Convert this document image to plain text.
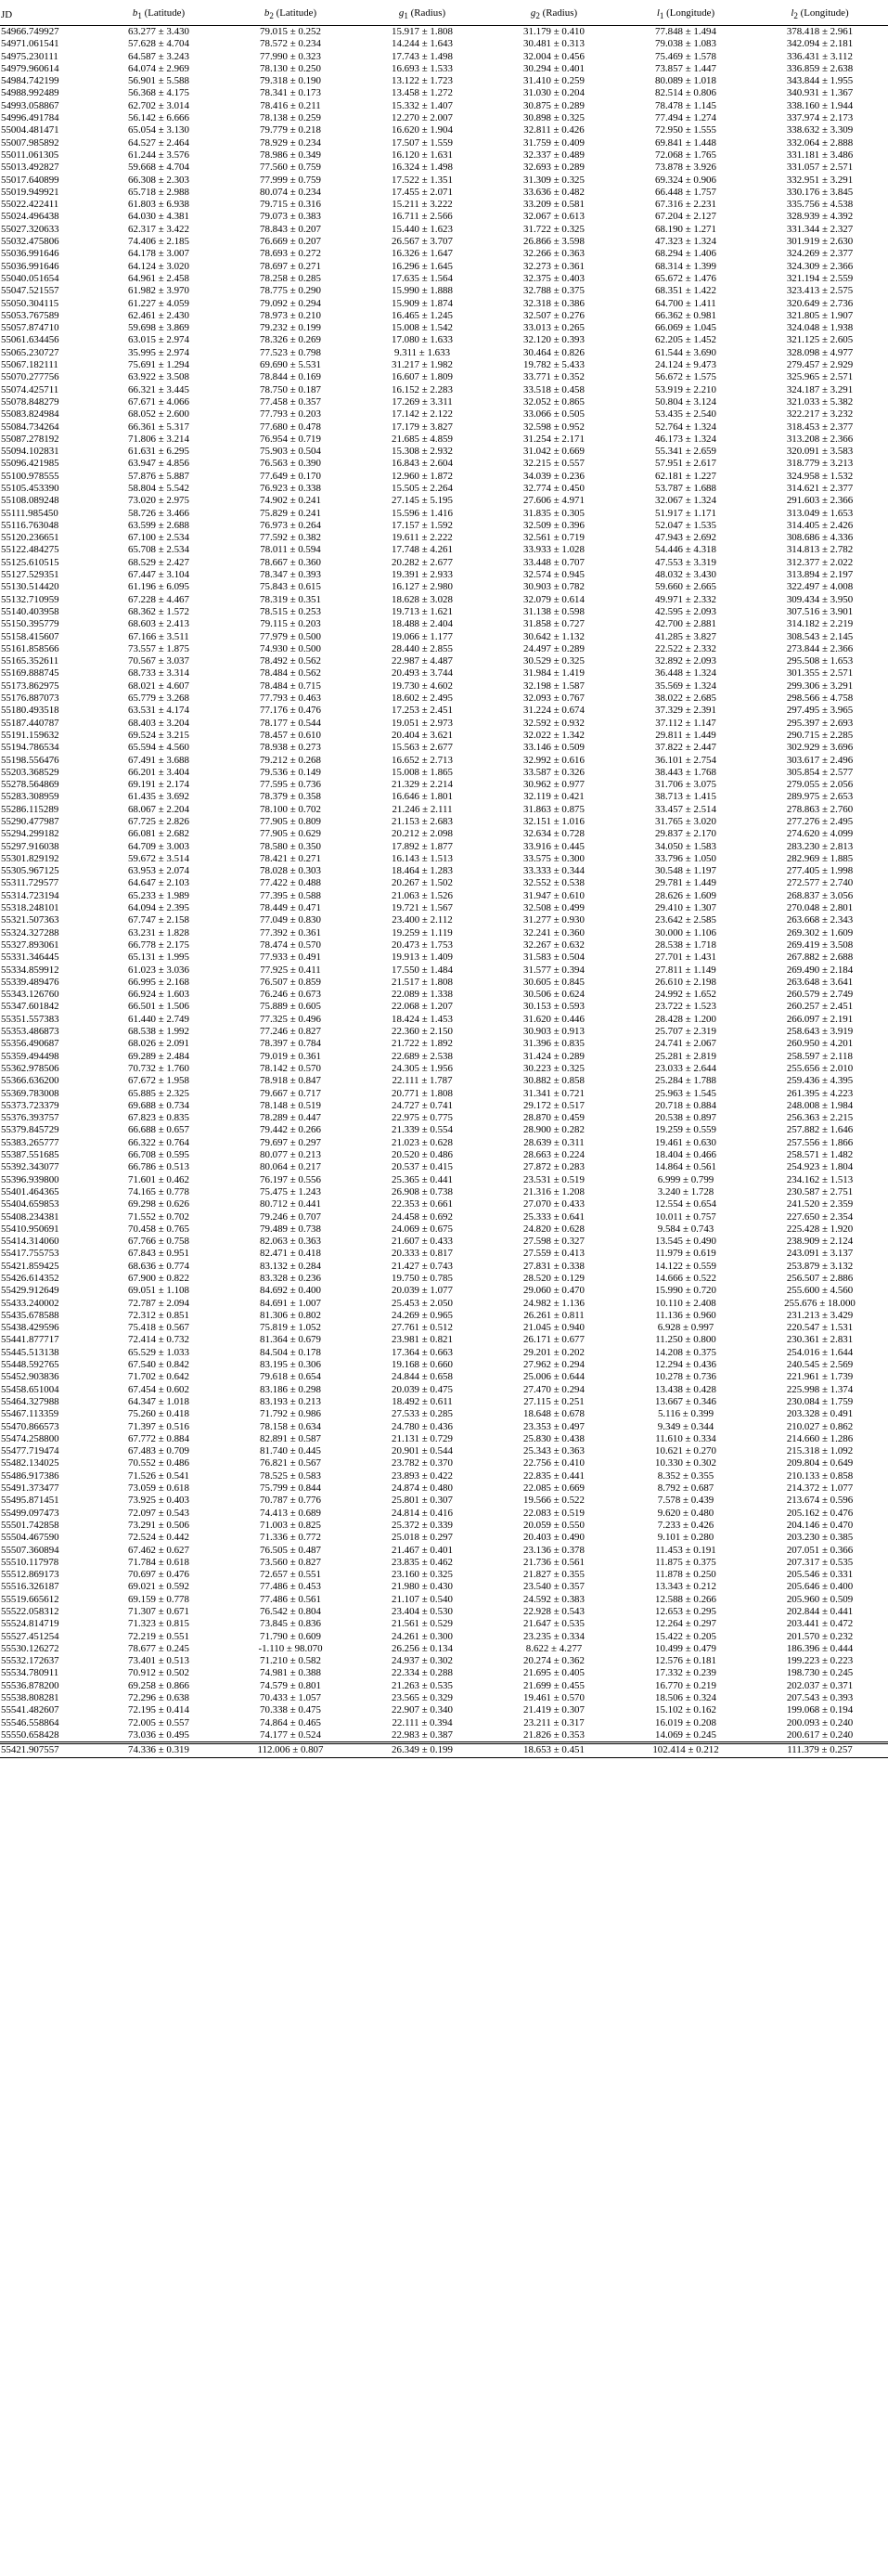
JD	$b_1$ (Latitude)	$b_2$ (Latitude)	$g_1$ (Radius)	$g_2$ (Radius)	$l_1$ (Longitude)	$l_2$ (Longitude)
54966.749927	63.277 ± 3.430	79.015 ± 0.252	15.917 ± 1.808	31.179 ± 0.410	77.848 ± 1.494	378.418 ± 2.961
54971.061541	57.628 ± 4.704	78.572 ± 0.234	14.244 ± 1.643	30.481 ± 0.313	79.038 ± 1.083	342.094 ± 2.181
54975.230111	64.587 ± 3.243	77.990 ± 0.323	17.743 ± 1.498	32.004 ± 0.456	75.469 ± 1.578	336.431 ± 3.112
54979.960614	64.074 ± 2.969	78.130 ± 0.250	16.693 ± 1.533	30.294 ± 0.401	73.857 ± 1.447	336.859 ± 2.638
54984.742199	56.901 ± 5.588	79.318 ± 0.190	13.122 ± 1.723	31.410 ± 0.259	80.089 ± 1.018	343.844 ± 1.955
54988.992489	56.368 ± 4.175	78.341 ± 0.173	13.458 ± 1.272	31.030 ± 0.204	82.514 ± 0.806	340.931 ± 1.367
54993.058867	62.702 ± 3.014	78.416 ± 0.211	15.332 ± 1.407	30.875 ± 0.289	78.478 ± 1.145	338.160 ± 1.944
54996.491784	56.142 ± 6.666	78.138 ± 0.259	12.270 ± 2.007	30.898 ± 0.325	77.494 ± 1.274	337.974 ± 2.173
55004.481471	65.054 ± 3.130	79.779 ± 0.218	16.620 ± 1.904	32.811 ± 0.426	72.950 ± 1.555	338.632 ± 3.309
55007.985892	64.527 ± 2.464	78.929 ± 0.234	17.507 ± 1.559	31.759 ± 0.409	69.841 ± 1.448	332.064 ± 2.888
55011.061305	61.244 ± 3.576	78.986 ± 0.349	16.120 ± 1.631	32.337 ± 0.489	72.068 ± 1.765	331.181 ± 3.486
55013.492827	59.668 ± 4.704	77.560 ± 0.759	16.324 ± 1.498	32.693 ± 0.289	73.878 ± 3.926	331.057 ± 2.571
55017.640899	66.308 ± 2.303	77.999 ± 0.759	17.522 ± 1.351	31.309 ± 0.325	69.324 ± 0.906	332.951 ± 3.291
55019.949921	65.718 ± 2.988	80.074 ± 0.234	17.455 ± 2.071	33.636 ± 0.482	66.448 ± 1.757	330.176 ± 3.845
55022.422411	61.803 ± 6.938	79.715 ± 0.316	15.211 ± 3.222	33.209 ± 0.581	67.316 ± 2.231	335.756 ± 4.538
55024.496438	64.030 ± 4.381	79.073 ± 0.383	16.711 ± 2.566	32.067 ± 0.613	67.204 ± 2.127	328.939 ± 4.392
55027.320633	62.317 ± 3.422	78.843 ± 0.207	15.440 ± 1.623	31.722 ± 0.325	68.190 ± 1.271	331.344 ± 2.327
55032.475806	74.406 ± 2.185	76.669 ± 0.207	26.567 ± 3.707	26.866 ± 3.598	47.323 ± 1.324	301.919 ± 2.630
55036.991646	64.178 ± 3.007	78.693 ± 0.272	16.326 ± 1.647	32.266 ± 0.363	68.294 ± 1.406	324.269 ± 2.377
55036.991646	64.124 ± 3.020	78.697 ± 0.271	16.296 ± 1.645	32.273 ± 0.361	68.314 ± 1.399	324.309 ± 2.366
55040.051654	64.961 ± 2.458	78.258 ± 0.285	17.635 ± 1.564	32.375 ± 0.403	65.672 ± 1.476	321.194 ± 2.559
55047.521557	61.982 ± 3.970	78.775 ± 0.290	15.990 ± 1.888	32.788 ± 0.375	68.351 ± 1.422	323.413 ± 2.575
55050.304115	61.227 ± 4.059	79.092 ± 0.294	15.909 ± 1.874	32.318 ± 0.386	64.700 ± 1.411	320.649 ± 2.736
55053.767589	62.461 ± 2.430	78.973 ± 0.210	16.465 ± 1.245	32.507 ± 0.276	66.362 ± 0.981	321.805 ± 1.907
55057.874710	59.698 ± 3.869	79.232 ± 0.199	15.008 ± 1.542	33.013 ± 0.265	66.069 ± 1.045	324.048 ± 1.938
55061.634456	63.015 ± 2.974	78.326 ± 0.269	17.080 ± 1.633	32.120 ± 0.393	62.205 ± 1.452	321.125 ± 2.605
55065.230727	35.995 ± 2.974	77.523 ± 0.798	9.311 ± 1.633	30.464 ± 0.826	61.544 ± 3.690	328.098 ± 4.977
55067.182111	75.691 ± 1.294	69.690 ± 5.531	31.217 ± 1.982	19.782 ± 5.433	24.124 ± 9.473	279.457 ± 2.929
55070.277756	63.922 ± 3.508	78.844 ± 0.169	16.607 ± 1.809	33.771 ± 0.352	56.672 ± 1.575	325.965 ± 2.571
55074.425711	66.321 ± 3.445	78.750 ± 0.187	16.152 ± 2.283	33.518 ± 0.458	53.919 ± 2.210	324.187 ± 3.291
55078.848279	67.671 ± 4.066	77.458 ± 0.357	17.269 ± 3.311	32.052 ± 0.865	50.804 ± 3.124	321.033 ± 5.382
55083.824984	68.052 ± 2.600	77.793 ± 0.203	17.142 ± 2.122	33.066 ± 0.505	53.435 ± 2.540	322.217 ± 3.232
55084.734264	66.361 ± 5.317	77.680 ± 0.478	17.179 ± 3.827	32.598 ± 0.952	52.764 ± 1.324	318.453 ± 2.377
55087.278192	71.806 ± 3.214	76.954 ± 0.719	21.685 ± 4.859	31.254 ± 2.171	46.173 ± 1.324	313.208 ± 2.366
55094.102831	61.631 ± 6.295	75.903 ± 0.504	15.308 ± 2.932	31.042 ± 0.669	55.341 ± 2.659	320.091 ± 3.583
55096.421985	63.947 ± 4.856	76.563 ± 0.390	16.843 ± 2.604	32.215 ± 0.557	57.951 ± 2.617	318.779 ± 3.213
55100.978555	57.876 ± 5.887	77.649 ± 0.170	12.960 ± 1.872	34.039 ± 0.236	62.181 ± 1.227	324.958 ± 1.532
55105.453390	58.804 ± 5.542	76.923 ± 0.338	15.505 ± 2.264	32.774 ± 0.450	53.787 ± 1.688	314.621 ± 2.377
55108.089248	73.020 ± 2.975	74.902 ± 0.241	27.145 ± 5.195	27.606 ± 4.971	32.067 ± 1.324	291.603 ± 2.366
55111.985450	58.726 ± 3.466	75.829 ± 0.241	15.596 ± 1.416	31.835 ± 0.305	51.917 ± 1.171	313.049 ± 1.653
55116.763048	63.599 ± 2.688	76.973 ± 0.264	17.157 ± 1.592	32.509 ± 0.396	52.047 ± 1.535	314.405 ± 2.426
55120.236651	67.100 ± 2.534	77.592 ± 0.382	19.611 ± 2.222	32.561 ± 0.719	47.943 ± 2.692	308.686 ± 4.336
55122.484275	65.708 ± 2.534	78.011 ± 0.594	17.748 ± 4.261	33.933 ± 1.028	54.446 ± 4.318	314.813 ± 2.782
55125.610515	68.529 ± 2.427	78.667 ± 0.360	20.282 ± 2.677	33.448 ± 0.707	47.553 ± 3.319	312.377 ± 2.022
55127.529351	67.447 ± 3.104	78.347 ± 0.393	19.391 ± 2.933	32.574 ± 0.945	48.032 ± 3.430	313.894 ± 2.197
55130.514420	61.196 ± 6.095	75.843 ± 0.615	16.127 ± 2.980	30.903 ± 0.782	59.660 ± 2.665	322.497 ± 4.008
55132.710959	67.228 ± 4.467	78.319 ± 0.351	18.628 ± 3.028	32.079 ± 0.614	49.971 ± 2.332	309.434 ± 3.950
55140.403958	68.362 ± 1.572	78.515 ± 0.253	19.713 ± 1.621	31.138 ± 0.598	42.595 ± 2.093	307.516 ± 3.901
55150.395779	68.603 ± 2.413	79.115 ± 0.203	18.488 ± 2.404	31.858 ± 0.727	42.700 ± 2.881	314.182 ± 2.219
55158.415607	67.166 ± 3.511	77.979 ± 0.500	19.066 ± 1.177	30.642 ± 1.132	41.285 ± 3.827	308.543 ± 2.145
55161.858566	73.557 ± 1.875	74.930 ± 0.500	28.440 ± 2.855	24.497 ± 0.289	22.522 ± 2.332	273.844 ± 2.366
55165.352611	70.567 ± 3.037	78.492 ± 0.562	22.987 ± 4.487	30.529 ± 0.325	32.892 ± 2.093	295.508 ± 1.653
55169.888745	68.733 ± 3.314	78.484 ± 0.562	20.493 ± 3.744	31.984 ± 1.419	36.448 ± 1.324	301.355 ± 2.571
55173.862975	68.021 ± 4.607	78.484 ± 0.715	19.730 ± 4.602	32.198 ± 1.587	35.569 ± 1.324	299.306 ± 3.291
55176.887073	65.779 ± 3.268	77.793 ± 0.463	18.602 ± 2.495	32.093 ± 0.767	38.022 ± 2.685	298.566 ± 4.758
55180.493518	63.531 ± 4.174	77.176 ± 0.476	17.253 ± 2.451	31.224 ± 0.674	37.329 ± 2.391	297.495 ± 3.965
55187.440787	68.403 ± 3.204	78.177 ± 0.544	19.051 ± 2.973	32.592 ± 0.932	37.112 ± 1.147	295.397 ± 2.693
55191.159632	69.524 ± 3.215	78.457 ± 0.610	20.404 ± 3.621	32.022 ± 1.342	29.811 ± 1.449	290.715 ± 2.285
55194.786534	65.594 ± 4.560	78.938 ± 0.273	15.563 ± 2.677	33.146 ± 0.509	37.822 ± 2.447	302.929 ± 3.696
55198.556476	67.491 ± 3.688	79.212 ± 0.268	16.652 ± 2.713	32.992 ± 0.616	36.101 ± 2.754	303.617 ± 2.496
55203.368529	66.201 ± 3.404	79.536 ± 0.149	15.008 ± 1.865	33.587 ± 0.326	38.443 ± 1.768	305.854 ± 2.577
55278.564869	69.191 ± 2.174	77.595 ± 0.736	21.329 ± 2.214	30.962 ± 0.977	31.706 ± 3.075	279.055 ± 2.056
55283.308959	61.435 ± 3.692	78.379 ± 0.358	16.646 ± 1.801	32.119 ± 0.421	38.713 ± 1.415	289.975 ± 2.653
55286.115289	68.067 ± 2.204	78.100 ± 0.702	21.246 ± 2.111	31.863 ± 0.875	33.457 ± 2.514	278.863 ± 2.760
55290.477987	67.725 ± 2.826	77.905 ± 0.809	21.153 ± 2.683	32.151 ± 1.016	31.765 ± 3.020	277.276 ± 2.495
55294.299182	66.081 ± 2.682	77.905 ± 0.629	20.212 ± 2.098	32.634 ± 0.728	29.837 ± 2.170	274.620 ± 4.099
55297.916038	64.709 ± 3.003	78.580 ± 0.350	17.892 ± 1.877	33.916 ± 0.445	34.050 ± 1.583	283.230 ± 2.813
55301.829192	59.672 ± 3.514	78.421 ± 0.271	16.143 ± 1.513	33.575 ± 0.300	33.796 ± 1.050	282.969 ± 1.885
55305.967125	63.953 ± 2.074	78.028 ± 0.303	18.464 ± 1.283	33.333 ± 0.344	30.548 ± 1.197	277.405 ± 1.998
55311.729577	64.647 ± 2.103	77.422 ± 0.488	20.267 ± 1.502	32.552 ± 0.538	29.781 ± 1.449	272.577 ± 2.740
55314.723194	65.233 ± 1.989	77.395 ± 0.588	21.063 ± 1.526	31.947 ± 0.610	28.626 ± 1.609	268.837 ± 3.056
55318.248101	64.094 ± 2.395	78.449 ± 0.471	19.721 ± 1.567	32.508 ± 0.499	29.410 ± 1.307	270.048 ± 2.801
55321.507363	67.747 ± 2.158	77.049 ± 0.830	23.400 ± 2.112	31.277 ± 0.930	23.642 ± 2.585	263.668 ± 2.343
55324.327288	63.231 ± 1.828	77.392 ± 0.361	19.259 ± 1.119	32.241 ± 0.360	30.000 ± 1.106	269.302 ± 1.609
55327.893061	66.778 ± 2.175	78.474 ± 0.570	20.473 ± 1.753	32.267 ± 0.632	28.538 ± 1.718	269.419 ± 3.508
55331.346445	65.131 ± 1.995	77.933 ± 0.491	19.913 ± 1.409	31.583 ± 0.504	27.701 ± 1.431	267.882 ± 2.688
55334.859912	61.023 ± 3.036	77.925 ± 0.411	17.550 ± 1.484	31.577 ± 0.394	27.811 ± 1.149	269.490 ± 2.184
55339.489476	66.995 ± 2.168	76.507 ± 0.859	21.517 ± 1.808	30.605 ± 0.845	26.610 ± 2.198	263.648 ± 3.641
55343.126760	66.924 ± 1.603	76.246 ± 0.673	22.089 ± 1.338	30.506 ± 0.624	24.992 ± 1.652	260.579 ± 2.749
55347.601842	66.501 ± 1.506	75.889 ± 0.605	22.068 ± 1.207	30.153 ± 0.593	23.722 ± 1.523	260.257 ± 2.451
55351.557383	61.440 ± 2.749	77.325 ± 0.496	18.424 ± 1.453	31.620 ± 0.446	28.428 ± 1.200	266.097 ± 2.191
55353.486873	68.538 ± 1.992	77.246 ± 0.827	22.360 ± 2.150	30.903 ± 0.913	25.707 ± 2.319	258.643 ± 3.919
55356.490687	68.026 ± 2.091	78.397 ± 0.784	21.722 ± 1.892	31.396 ± 0.835	24.741 ± 2.067	260.950 ± 4.201
55359.494498	69.289 ± 2.484	79.019 ± 0.361	22.689 ± 2.538	31.424 ± 0.289	25.281 ± 2.819	258.597 ± 2.118
55362.978506	70.732 ± 1.760	78.142 ± 0.570	24.305 ± 1.956	30.223 ± 0.325	23.033 ± 2.644	255.656 ± 2.010
55366.636200	67.672 ± 1.958	78.918 ± 0.847	22.111 ± 1.787	30.882 ± 0.858	25.284 ± 1.788	259.436 ± 4.395
55369.783008	65.885 ± 2.325	79.667 ± 0.717	20.771 ± 1.808	31.341 ± 0.721	25.963 ± 1.545	261.395 ± 4.223
55373.723379	69.688 ± 0.734	78.148 ± 0.519	24.727 ± 0.741	29.172 ± 0.517	20.718 ± 0.884	248.008 ± 1.984
55376.393757	67.823 ± 0.835	78.289 ± 0.447	22.975 ± 0.775	28.870 ± 0.459	20.538 ± 0.897	256.363 ± 2.215
55379.845729	66.688 ± 0.657	79.442 ± 0.266	21.339 ± 0.554	28.900 ± 0.282	19.259 ± 0.559	257.882 ± 1.646
55383.265777	66.322 ± 0.764	79.697 ± 0.297	21.023 ± 0.628	28.639 ± 0.311	19.461 ± 0.630	257.556 ± 1.866
55387.551685	66.708 ± 0.595	80.077 ± 0.213	20.520 ± 0.486	28.663 ± 0.224	18.404 ± 0.466	258.571 ± 1.482
55392.343077	66.786 ± 0.513	80.064 ± 0.217	20.537 ± 0.415	27.872 ± 0.283	14.864 ± 0.561	254.923 ± 1.804
55396.939800	71.601 ± 0.462	76.197 ± 0.556	25.365 ± 0.441	23.531 ± 0.519	6.999 ± 0.799	234.162 ± 1.513
55401.464365	74.165 ± 0.778	75.475 ± 1.243	26.908 ± 0.738	21.316 ± 1.208	3.240 ± 1.728	230.587 ± 2.751
55404.659853	69.298 ± 0.626	80.712 ± 0.441	22.353 ± 0.661	27.070 ± 0.433	12.554 ± 0.654	241.520 ± 2.359
55408.234381	71.552 ± 0.702	79.246 ± 0.707	24.458 ± 0.692	25.333 ± 0.641	10.011 ± 0.757	227.650 ± 2.354
55410.950691	70.458 ± 0.765	79.489 ± 0.738	24.069 ± 0.675	24.820 ± 0.628	9.584 ± 0.743	225.428 ± 1.920
55414.314060	67.766 ± 0.758	82.063 ± 0.363	21.607 ± 0.433	27.598 ± 0.327	13.545 ± 0.490	238.909 ± 2.124
55417.755753	67.843 ± 0.951	82.471 ± 0.418	20.333 ± 0.817	27.559 ± 0.413	11.979 ± 0.619	243.091 ± 3.137
55421.859425	68.636 ± 0.774	83.132 ± 0.284	21.427 ± 0.743	27.831 ± 0.338	14.122 ± 0.559	253.879 ± 3.132
55426.614352	67.900 ± 0.822	83.328 ± 0.236	19.750 ± 0.785	28.520 ± 0.129	14.666 ± 0.522	256.507 ± 2.886
55429.912649	69.051 ± 1.108	84.692 ± 0.400	20.039 ± 1.077	29.060 ± 0.470	15.990 ± 0.720	255.600 ± 4.560
55433.240002	72.787 ± 2.094	84.691 ± 1.007	25.453 ± 2.050	24.982 ± 1.136	10.110 ± 2.408	255.676 ± 18.000
55435.678588	72.312 ± 0.851	81.306 ± 0.802	24.269 ± 0.965	26.261 ± 0.811	11.136 ± 0.960	231.213 ± 3.429
55438.429596	75.418 ± 0.567	75.819 ± 1.052	27.761 ± 0.512	21.045 ± 0.940	6.928 ± 0.997	220.547 ± 1.531
55441.877717	72.414 ± 0.732	81.364 ± 0.679	23.981 ± 0.821	26.171 ± 0.677	11.250 ± 0.800	230.361 ± 2.831
55445.513138	65.529 ± 1.033	84.504 ± 0.178	17.364 ± 0.663	29.201 ± 0.202	14.208 ± 0.375	254.016 ± 1.644
55448.592765	67.540 ± 0.842	83.195 ± 0.306	19.168 ± 0.660	27.962 ± 0.294	12.294 ± 0.436	240.545 ± 2.569
55452.903836	71.702 ± 0.642	79.618 ± 0.654	24.844 ± 0.658	25.006 ± 0.644	10.278 ± 0.736	221.961 ± 1.739
55458.651004	67.454 ± 0.602	83.186 ± 0.298	20.039 ± 0.475	27.470 ± 0.294	13.438 ± 0.428	225.998 ± 1.374
55464.327988	64.347 ± 1.018	83.193 ± 0.213	18.492 ± 0.611	27.115 ± 0.251	13.667 ± 0.346	230.084 ± 1.759
55467.113359	75.260 ± 0.418	71.792 ± 0.986	27.533 ± 0.285	18.648 ± 0.678	5.116 ± 0.399	203.328 ± 0.491
55470.866573	71.397 ± 0.516	78.158 ± 0.634	24.780 ± 0.436	23.353 ± 0.497	9.349 ± 0.344	210.027 ± 0.862
55474.258800	67.772 ± 0.884	82.891 ± 0.587	21.131 ± 0.729	25.830 ± 0.438	11.610 ± 0.334	214.660 ± 1.286
55477.719474	67.483 ± 0.709	81.740 ± 0.445	20.901 ± 0.544	25.343 ± 0.363	10.621 ± 0.270	215.318 ± 1.092
55482.134025	70.552 ± 0.486	76.821 ± 0.567	23.782 ± 0.370	22.756 ± 0.410	10.330 ± 0.302	209.804 ± 0.649
55486.917386	71.526 ± 0.541	78.525 ± 0.583	23.893 ± 0.422	22.835 ± 0.441	8.352 ± 0.355	210.133 ± 0.858
55491.373477	73.059 ± 0.618	75.799 ± 0.844	24.874 ± 0.480	22.085 ± 0.669	8.792 ± 0.687	214.372 ± 1.077
55495.871451	73.925 ± 0.403	70.787 ± 0.776	25.801 ± 0.307	19.566 ± 0.522	7.578 ± 0.439	213.674 ± 0.596
55499.097473	72.097 ± 0.543	74.413 ± 0.689	24.814 ± 0.416	22.083 ± 0.519	9.620 ± 0.480	205.162 ± 0.476
55501.742858	73.291 ± 0.506	71.003 ± 0.825	25.372 ± 0.339	20.059 ± 0.550	7.233 ± 0.426	204.146 ± 0.470
55504.467590	72.524 ± 0.442	71.336 ± 0.772	25.018 ± 0.297	20.403 ± 0.490	9.101 ± 0.280	203.230 ± 0.385
55507.360894	67.462 ± 0.627	76.505 ± 0.487	21.467 ± 0.401	23.136 ± 0.378	11.453 ± 0.191	207.051 ± 0.366
55510.117978	71.784 ± 0.618	73.560 ± 0.827	23.835 ± 0.462	21.736 ± 0.561	11.875 ± 0.375	207.317 ± 0.535
55512.869173	70.697 ± 0.476	72.657 ± 0.551	23.160 ± 0.325	21.827 ± 0.355	11.878 ± 0.250	205.546 ± 0.331
55516.326187	69.021 ± 0.592	77.486 ± 0.453	21.980 ± 0.430	23.540 ± 0.357	13.343 ± 0.212	205.646 ± 0.400
55519.665612	69.159 ± 0.778	77.486 ± 0.561	21.107 ± 0.540	24.592 ± 0.383	12.588 ± 0.266	205.960 ± 0.509
55522.058312	71.307 ± 0.671	76.542 ± 0.804	23.404 ± 0.530	22.928 ± 0.543	12.653 ± 0.295	202.844 ± 0.441
55524.814719	71.323 ± 0.815	73.845 ± 0.836	21.561 ± 0.529	21.647 ± 0.535	12.264 ± 0.297	203.441 ± 0.472
55527.451254	72.219 ± 0.551	71.790 ± 0.609	24.261 ± 0.300	23.235 ± 0.334	15.422 ± 0.205	201.570 ± 0.232
55530.126272	78.677 ± 0.245	-1.110 ± 98.070	26.256 ± 0.134	8.622 ± 4.277	10.499 ± 0.479	186.396 ± 0.444
55532.172637	73.401 ± 0.513	71.210 ± 0.582	24.937 ± 0.302	20.274 ± 0.362	12.576 ± 0.181	199.223 ± 0.223
55534.780911	70.912 ± 0.502	74.981 ± 0.388	22.334 ± 0.288	21.695 ± 0.405	17.332 ± 0.239	198.730 ± 0.245
55536.878200	69.258 ± 0.866	74.579 ± 0.801	21.263 ± 0.535	21.699 ± 0.455	16.770 ± 0.219	202.037 ± 0.371
55538.808281	72.296 ± 0.638	70.433 ± 1.057	23.565 ± 0.329	19.461 ± 0.570	18.506 ± 0.324	207.543 ± 0.393
55541.482607	72.195 ± 0.414	70.338 ± 0.475	22.907 ± 0.340	21.419 ± 0.307	15.102 ± 0.162	199.068 ± 0.194
55546.558864	72.005 ± 0.557	74.864 ± 0.465	22.111 ± 0.394	23.211 ± 0.317	16.019 ± 0.208	200.093 ± 0.240
55550.658428	73.036 ± 0.495	74.177 ± 0.524	22.983 ± 0.387	21.826 ± 0.353	14.069 ± 0.245	200.617 ± 0.240
55421.907557	74.336 ± 0.319	112.006 ± 0.807	26.349 ± 0.199	18.653 ± 0.451	102.414 ± 0.212	111.379 ± 0.257
